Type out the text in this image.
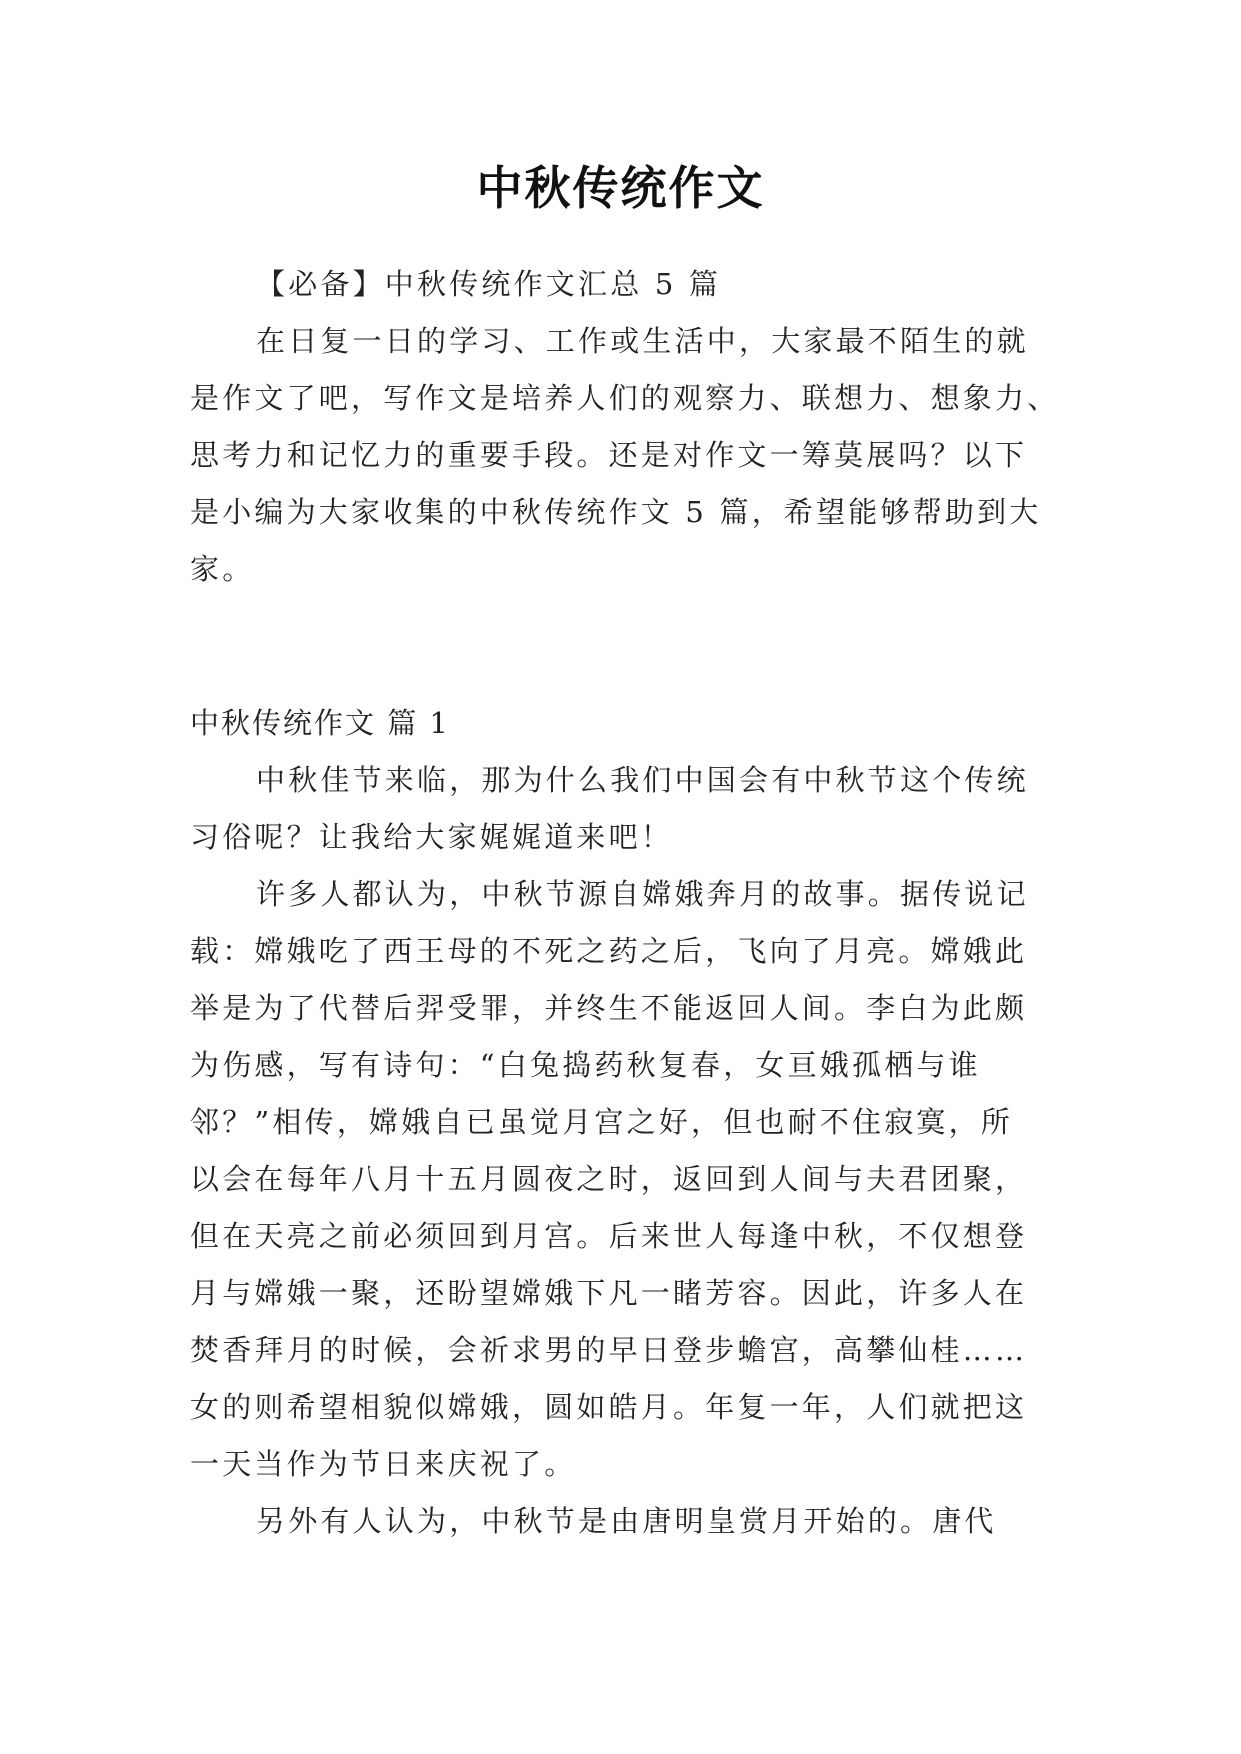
中秋传统作文
【必备】中秋传统作文汇总 5 篇
在日复一日的学习、工作或生活中，大家最不陌生的就
是作文了吧，写作文是培养人们的观察力、联想力、想象力、
思考力和记忆力的重要手段。还是对作文一筹莫展吗？以下
是小编为大家收集的中秋传统作文 5 篇，希望能够帮助到大
家。
中秋传统作文 篇 1
中秋佳节来临，那为什么我们中国会有中秋节这个传统
习俗呢？让我给大家娓娓道来吧！
许多人都认为，中秋节源自嫦娥奔月的故事。据传说记
载：嫦娥吃了西王母的不死之药之后，飞向了月亮。嫦娥此
举是为了代替后羿受罪，并终生不能返回人间。李白为此颇
为伤感，写有诗句：“白兔捣药秋复春，女亘娥孤栖与谁
邻？”相传，嫦娥自已虽觉月宫之好，但也耐不住寂寞，所
以会在每年八月十五月圆夜之时，返回到人间与夫君团聚，
但在天亮之前必须回到月宫。后来世人每逢中秋，不仅想登
月与嫦娥一聚，还盼望嫦娥下凡一睹芳容。因此，许多人在
焚香拜月的时候，会祈求男的早日登步蟾宫，高攀仙桂……
女的则希望相貌似嫦娥，圆如皓月。年复一年，人们就把这
一天当作为节日来庆祝了。
另外有人认为，中秋节是由唐明皇赏月开始的。唐代
